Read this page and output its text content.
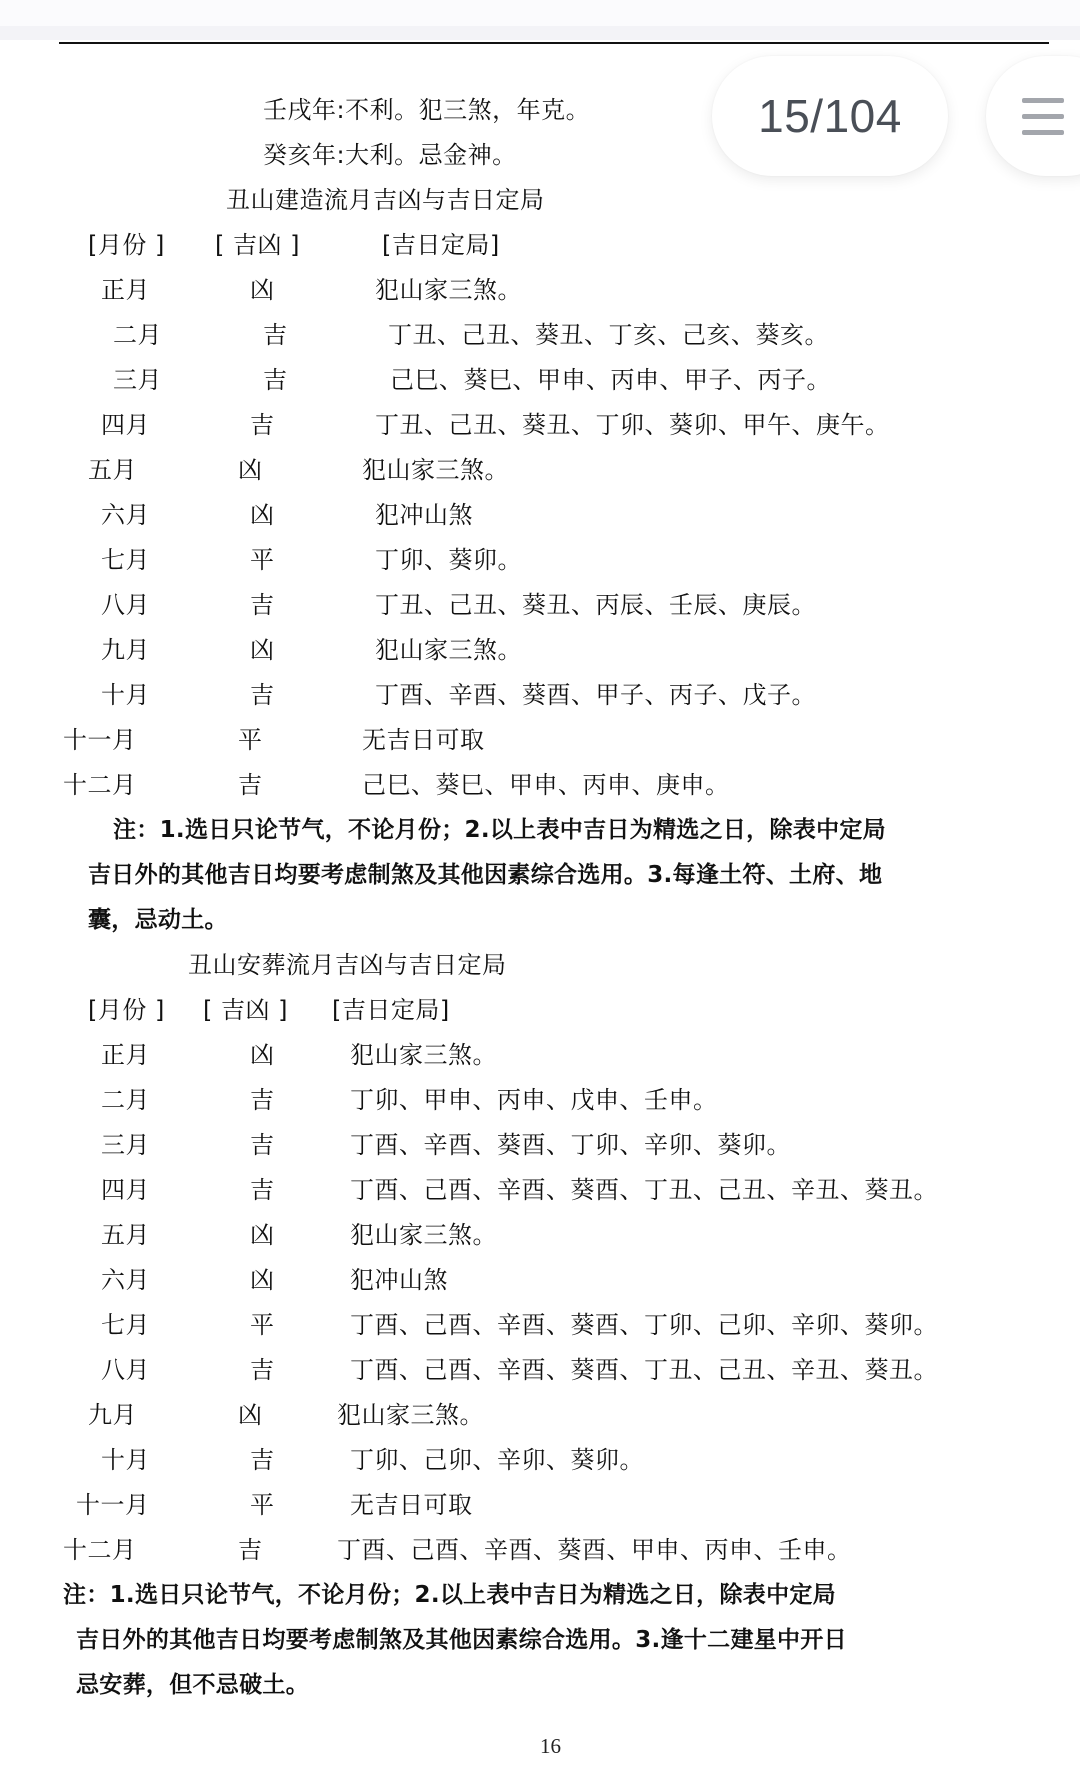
壬戌年:不利。犯三煞，年克。
癸亥年:大利。忌金神。
丑山建造流月吉凶与吉日定局
[月份 ] [ 吉凶 ]	[吉日定局]
正月	凶	犯山家三煞。
二月	吉	丁丑、己丑、葵丑、丁亥、己亥、葵亥。
三月	吉	己巳、葵巳、甲申、丙申、甲子、丙子。
四月	吉	丁丑、己丑、葵丑、丁卯、葵卯、甲午、庚午。
五月	凶	犯山家三煞。
六月	凶	犯冲山煞
七月	平	丁卯、葵卯。
八月	吉	丁丑、己丑、葵丑、丙辰、壬辰、庚辰。
九月	凶	犯山家三煞。
十月	吉	丁酉、辛酉、葵酉、甲子、丙子、戊子。
十一月	平	无吉日可取
十二月	吉	己巳、葵巳、甲申、丙申、庚申。
注：1.选日只论节气，不论月份；2.以上表中吉日为精选之日，除表中定局
吉日外的其他吉日均要考虑制煞及其他因素综合选用。3.每逢土符、土府、地
囊，忌动土。
丑山安葬流月吉凶与吉日定局
[月份 ] [ 吉凶 ] [吉日定局]
正月	凶	犯山家三煞。
二月	吉	丁卯、甲申、丙申、戊申、壬申。
三月	吉	丁酉、辛酉、葵酉、丁卯、辛卯、葵卯。
四月	吉	丁酉、己酉、辛酉、葵酉、丁丑、己丑、辛丑、葵丑。
五月	凶	犯山家三煞。
六月	凶	犯冲山煞
七月	平	丁酉、己酉、辛酉、葵酉、丁卯、己卯、辛卯、葵卯。
八月	吉	丁酉、己酉、辛酉、葵酉、丁丑、己丑、辛丑、葵丑。
九月	凶	犯山家三煞。
十月	吉	丁卯、己卯、辛卯、葵卯。
十一月	平	无吉日可取
十二月	吉	丁酉、己酉、辛酉、葵酉、甲申、丙申、壬申。
注：1.选日只论节气，不论月份；2.以上表中吉日为精选之日，除表中定局
吉日外的其他吉日均要考虑制煞及其他因素综合选用。3.逢十二建星中开日
忌安葬，但不忌破土。
16
15/104
